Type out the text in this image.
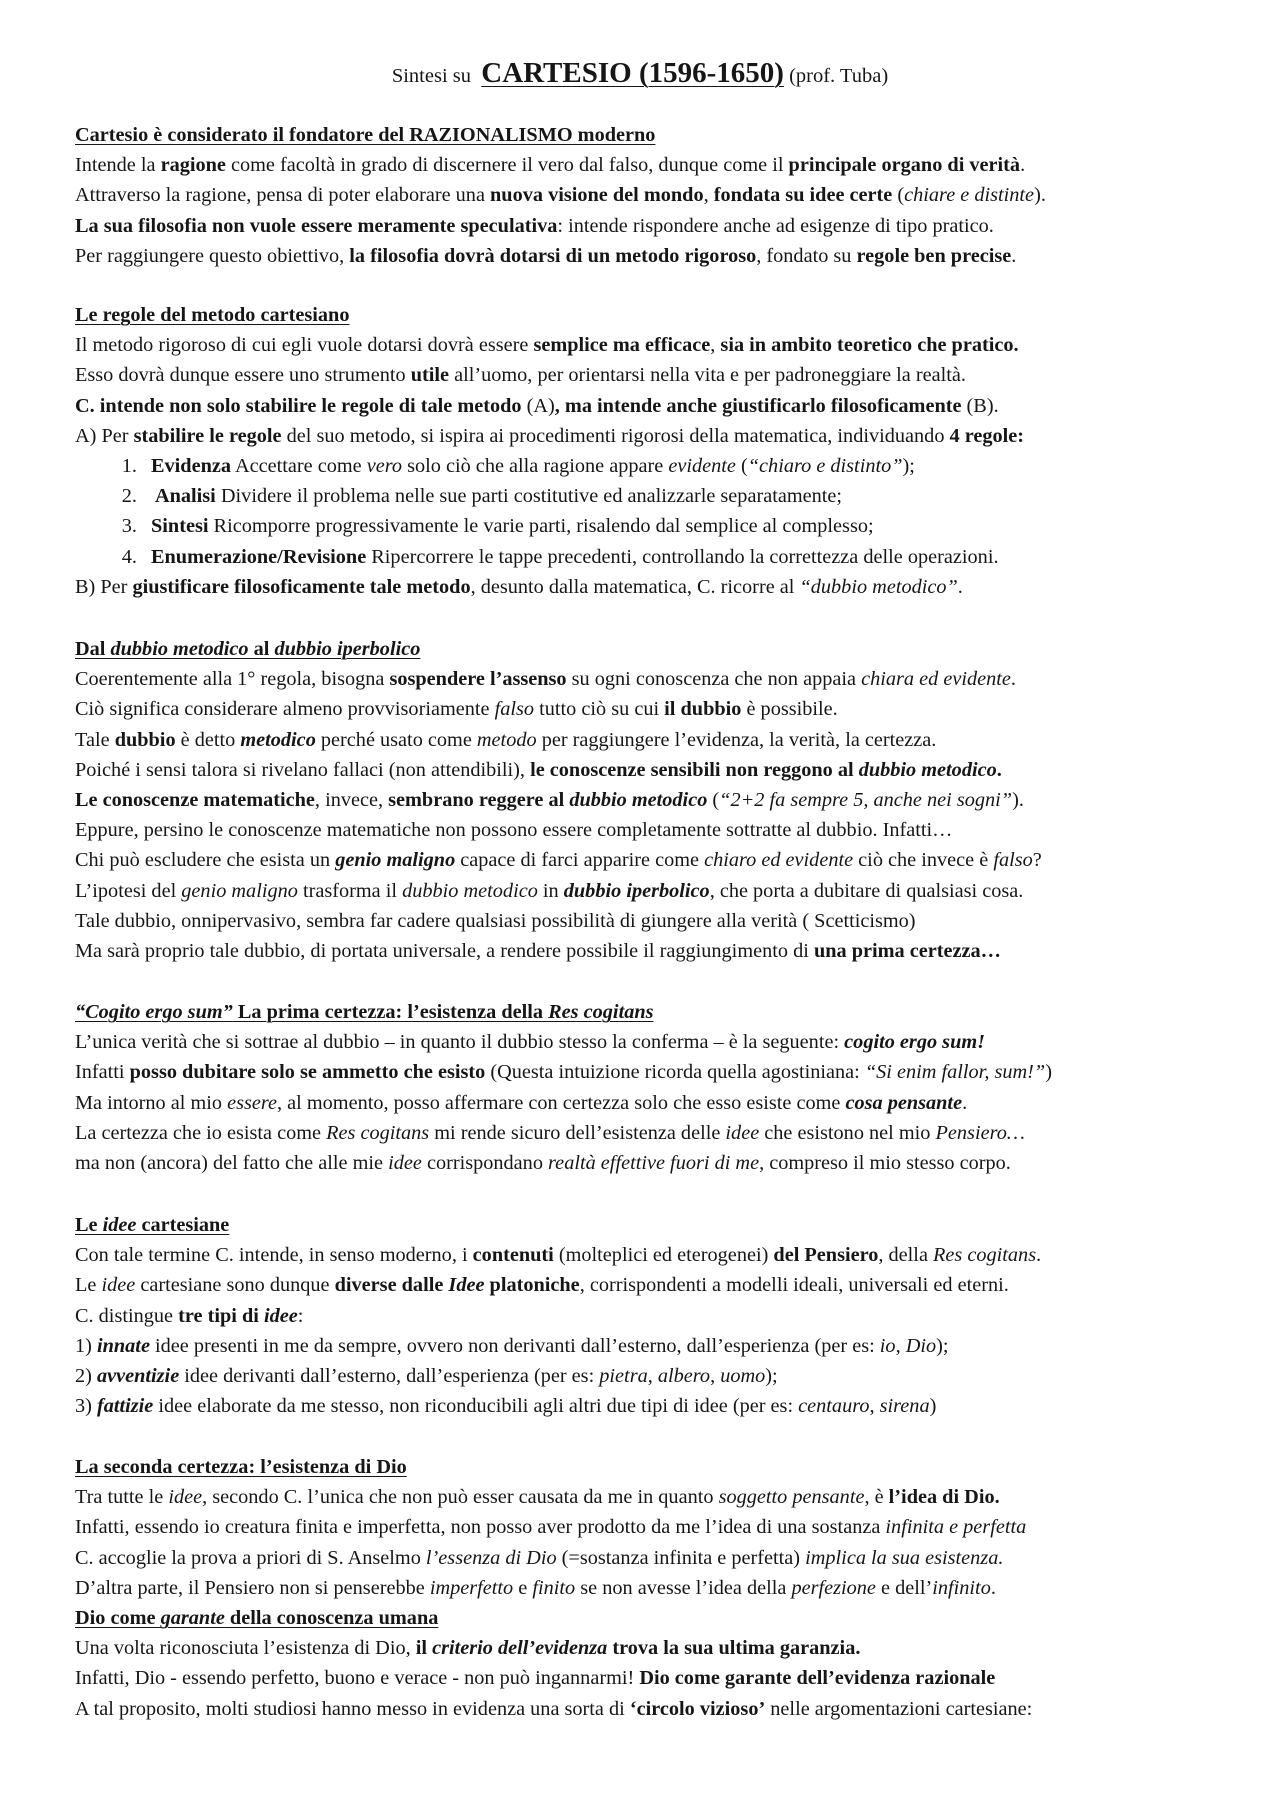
Sintesi su CARTESIO (1596-1650) (prof. Tuba)
Cartesio è considerato il fondatore del RAZIONALISMO moderno
Intende la ragione come facoltà in grado di discernere il vero dal falso, dunque come il principale organo di verità.
Attraverso la ragione, pensa di poter elaborare una nuova visione del mondo, fondata su idee certe (chiare e distinte).
La sua filosofia non vuole essere meramente speculativa: intende rispondere anche ad esigenze di tipo pratico.
Per raggiungere questo obiettivo, la filosofia dovrà dotarsi di un metodo rigoroso, fondato su regole ben precise.
Le regole del metodo cartesiano
Il metodo rigoroso di cui egli vuole dotarsi dovrà essere semplice ma efficace, sia in ambito teoretico che pratico.
Esso dovrà dunque essere uno strumento utile all’uomo, per orientarsi nella vita e per padroneggiare la realtà.
C. intende non solo stabilire le regole di tale metodo (A), ma intende anche giustificarlo filosoficamente (B).
A) Per stabilire le regole del suo metodo, si ispira ai procedimenti rigorosi della matematica, individuando 4 regole:
1. Evidenza Accettare come vero solo ciò che alla ragione appare evidente (“chiaro e distinto”);
2. Analisi Dividere il problema nelle sue parti costitutive ed analizzarle separatamente;
3. Sintesi Ricomporre progressivamente le varie parti, risalendo dal semplice al complesso;
4. Enumerazione/Revisione Ripercorrere le tappe precedenti, controllando la correttezza delle operazioni.
B) Per giustificare filosoficamente tale metodo, desunto dalla matematica, C. ricorre al “dubbio metodico”.
Dal dubbio metodico al dubbio iperbolico
Coerentemente alla 1° regola, bisogna sospendere l’assenso su ogni conoscenza che non appaia chiara ed evidente.
Ciò significa considerare almeno provvisoriamente falso tutto ciò su cui il dubbio è possibile.
Tale dubbio è detto metodico perché usato come metodo per raggiungere l’evidenza, la verità, la certezza.
Poiché i sensi talora si rivelano fallaci (non attendibili), le conoscenze sensibili non reggono al dubbio metodico.
Le conoscenze matematiche, invece, sembrano reggere al dubbio metodico (“2+2 fa sempre 5, anche nei sogni”).
Eppure, persino le conoscenze matematiche non possono essere completamente sottratte al dubbio. Infatti…
Chi può escludere che esista un genio maligno capace di farci apparire come chiaro ed evidente ciò che invece è falso?
L’ipotesi del genio maligno trasforma il dubbio metodico in dubbio iperbolico, che porta a dubitare di qualsiasi cosa.
Tale dubbio, onnipervasivo, sembra far cadere qualsiasi possibilità di giungere alla verità ( Scetticismo)
Ma sarà proprio tale dubbio, di portata universale, a rendere possibile il raggiungimento di una prima certezza…
“Cogito ergo sum” La prima certezza: l’esistenza della Res cogitans
L’unica verità che si sottrae al dubbio – in quanto il dubbio stesso la conferma – è la seguente: cogito ergo sum!
Infatti posso dubitare solo se ammetto che esisto (Questa intuizione ricorda quella agostiniana: “Si enim fallor, sum!”)
Ma intorno al mio essere, al momento, posso affermare con certezza solo che esso esiste come cosa pensante.
La certezza che io esista come Res cogitans mi rende sicuro dell’esistenza delle idee che esistono nel mio Pensiero…
ma non (ancora) del fatto che alle mie idee corrispondano realtà effettive fuori di me, compreso il mio stesso corpo.
Le idee cartesiane
Con tale termine C. intende, in senso moderno, i contenuti (molteplici ed eterogenei) del Pensiero, della Res cogitans.
Le idee cartesiane sono dunque diverse dalle Idee platoniche, corrispondenti a modelli ideali, universali ed eterni.
C. distingue tre tipi di idee:
1) innate idee presenti in me da sempre, ovvero non derivanti dall’esterno, dall’esperienza (per es: io, Dio);
2) avventizie idee derivanti dall’esterno, dall’esperienza (per es: pietra, albero, uomo);
3) fattizie idee elaborate da me stesso, non riconducibili agli altri due tipi di idee (per es: centauro, sirena)
La seconda certezza: l’esistenza di Dio
Tra tutte le idee, secondo C. l’unica che non può esser causata da me in quanto soggetto pensante, è l’idea di Dio.
Infatti, essendo io creatura finita e imperfetta, non posso aver prodotto da me l’idea di una sostanza infinita e perfetta
C. accoglie la prova a priori di S. Anselmo l’essenza di Dio (=sostanza infinita e perfetta) implica la sua esistenza.
D’altra parte, il Pensiero non si penserebbe imperfetto e finito se non avesse l’idea della perfezione e dell’infinito.
Dio come garante della conoscenza umana
Una volta riconosciuta l’esistenza di Dio, il criterio dell’evidenza trova la sua ultima garanzia.
Infatti, Dio - essendo perfetto, buono e verace - non può ingannarmi! Dio come garante dell’evidenza razionale
A tal proposito, molti studiosi hanno messo in evidenza una sorta di ‘circolo vizioso’ nelle argomentazioni cartesiane:
